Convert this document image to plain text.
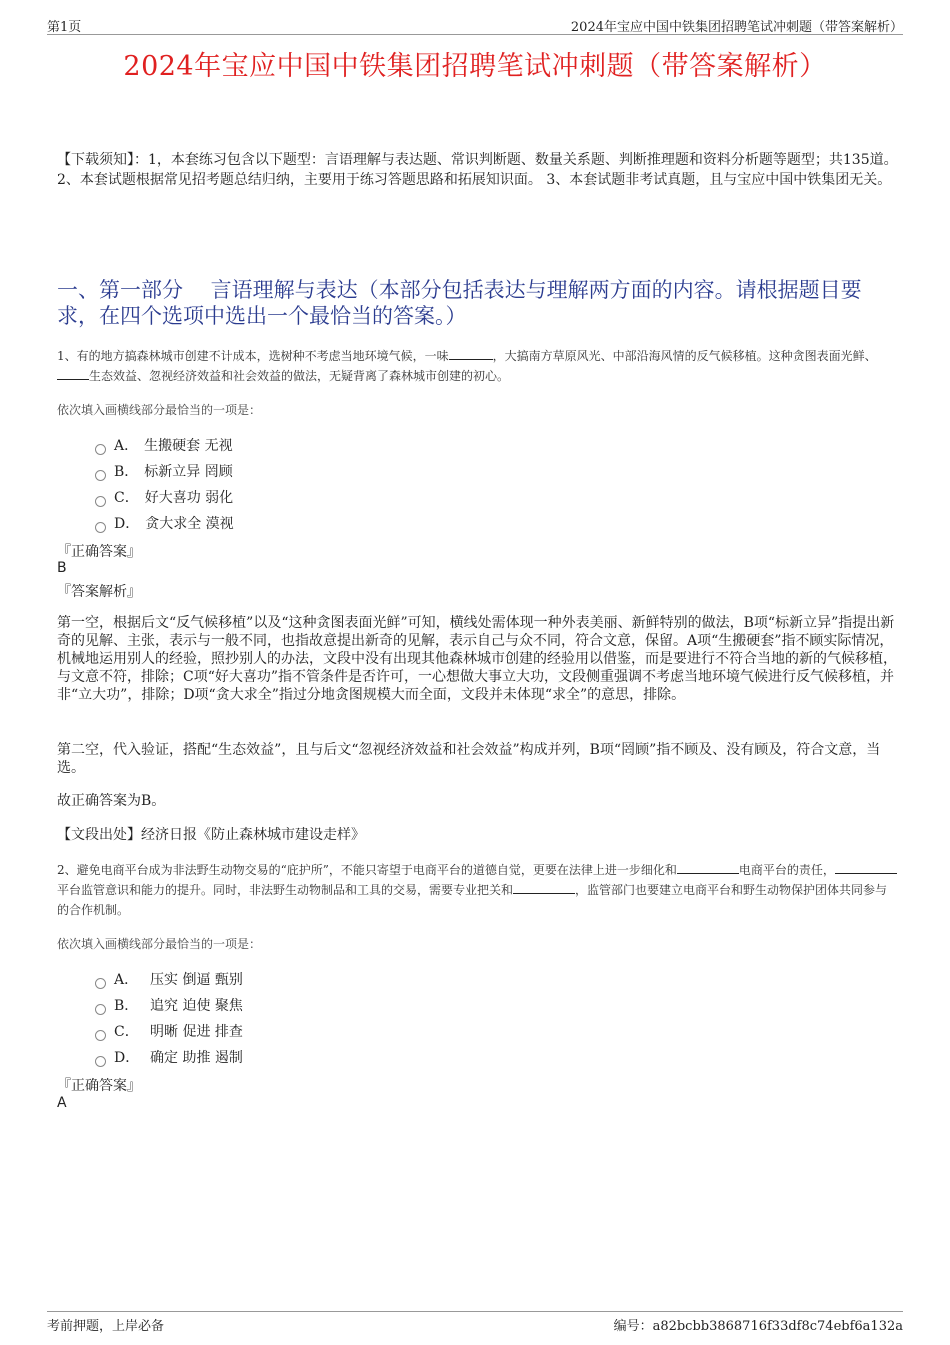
第1页	2024年宝应中国中铁集团招聘笔试冲刺题（带答案解析）
2024年宝应中国中铁集团招聘笔试冲刺题（带答案解析）
【下载须知】：1，本套练习包含以下题型：言语理解与表达题、常识判断题、数量关系题、判断推理题和资料分析题等题型；共135道。 2、本套试题根据常见招考题总结归纳，主要用于练习答题思路和拓展知识面。 3、本套试题非考试真题，且与宝应中国中铁集团无关。
一、第一部分　 言语理解与表达（本部分包括表达与理解两方面的内容。请根据题目要求，在四个选项中选出一个最恰当的答案。）
1、有的地方搞森林城市创建不计成本，选树种不考虑当地环境气候，一味	，大搞南方草原风光、中部沿海风情的反气候移植。这种贪图表面光鲜、生态效益、忽视经济效益和社会效益的做法，无疑背离了森林城市创建的初心。
依次填入画横线部分最恰当的一项是：
A． 生搬硬套 无视
B． 标新立异 罔顾
C． 好大喜功 弱化
D． 贪大求全 漠视
『正确答案』
B
『答案解析』
第一空，根据后文“反气候移植”以及“这种贪图表面光鲜”可知，横线处需体现一种外表美丽、新鲜特别的做法，B项“标新立异”指提出新奇的见解、主张，表示与一般不同，也指故意提出新奇的见解，表示自己与众不同，符合文意，保留。A项“生搬硬套”指不顾实际情况，机械地运用别人的经验，照抄别人的办法，文段中没有出现其他森林城市创建的经验用以借鉴，而是要进行不符合当地的新的气候移植，与文意不符，排除；C项“好大喜功”指不管条件是否许可，一心想做大事立大功，文段侧重强调不考虑当地环境气候进行反气候移植，并非“立大功”，排除；D项“贪大求全”指过分地贪图规模大而全面，文段并未体现“求全”的意思，排除。
第二空，代入验证，搭配“生态效益”，且与后文“忽视经济效益和社会效益”构成并列，B项“罔顾”指不顾及、没有顾及，符合文意，当选。
故正确答案为B。
【文段出处】经济日报《防止森林城市建设走样》
2、避免电商平台成为非法野生动物交易的“庇护所”，不能只寄望于电商平台的道德自觉，更要在法律上进一步细化和	电商平台的责任，平台监管意识和能力的提升。同时，非法野生动物制品和工具的交易，需要专业把关和	，监管部门也要建立电商平台和野生动物保护团体共同参与的合作机制。
依次填入画横线部分最恰当的一项是：
A． 压实 倒逼 甄别
B． 追究 迫使 聚焦
C． 明晰 促进 排查
D． 确定 助推 遏制
『正确答案』
A
考前押题，上岸必备	编号：a82bcbb3868716f33df8c74ebf6a132a
